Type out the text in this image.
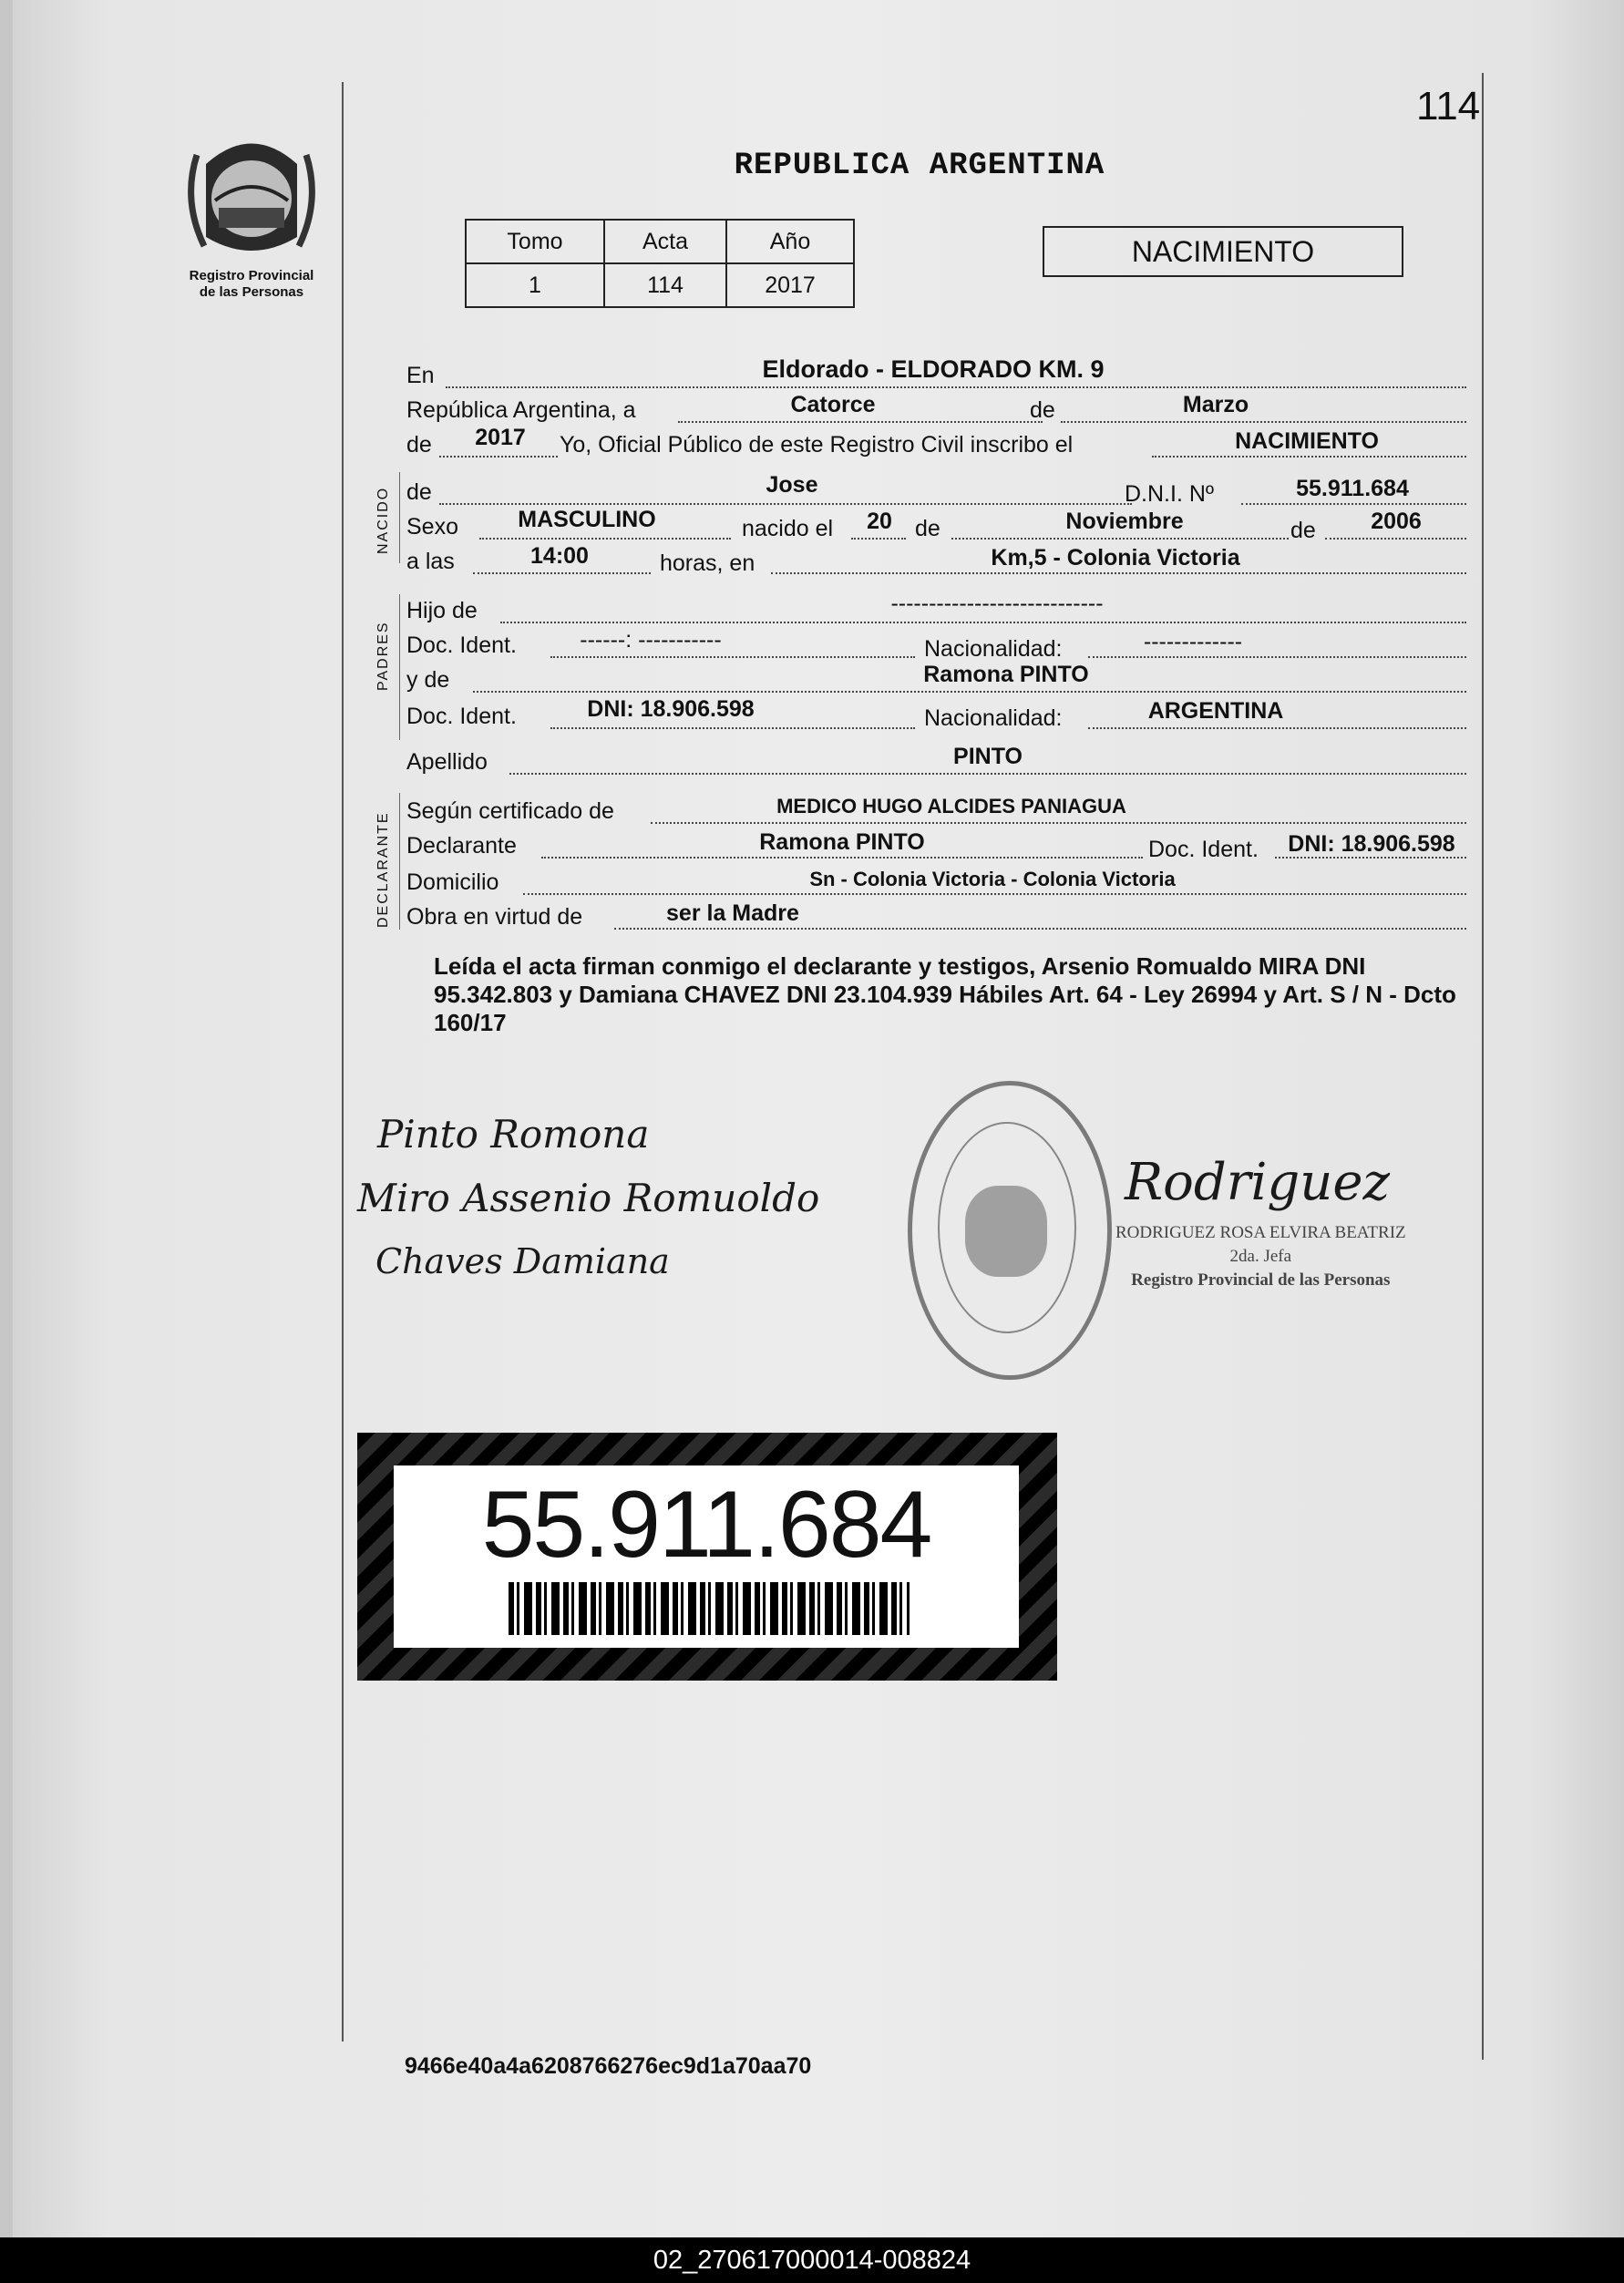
114
Registro Provincial
de las Personas
REPUBLICA ARGENTINA
Tomo	Acta	Año
1	114	2017
NACIMIENTO
En	Eldorado - ELDORADO KM. 9
República Argentina, a	Catorce	de	Marzo
de	2017	Yo, Oficial Público de este Registro Civil inscribo el	NACIMIENTO
NACIDO de	Jose	D.N.I. Nº	55.911.684
Sexo	MASCULINO	nacido el	20	de	Noviembre	de	2006
a las	14:00	horas, en	Km,5 - Colonia Victoria
PADRES
Hijo de	----------------------------
Doc. Ident.	------: -----------	Nacionalidad:	-------------
y de	Ramona PINTO
Doc. Ident.	DNI: 18.906.598	Nacionalidad:	ARGENTINA
Apellido	PINTO
DECLARANTE
Según certificado de	MEDICO HUGO ALCIDES PANIAGUA
Declarante	Ramona PINTO	Doc. Ident.	DNI: 18.906.598
Domicilio	Sn - Colonia Victoria - Colonia Victoria
Obra en virtud de	ser la Madre
Leída el acta firman conmigo el declarante y testigos, Arsenio Romualdo MIRA DNI 95.342.803 y Damiana CHAVEZ DNI 23.104.939 Hábiles Art. 64 - Ley 26994 y Art. S / N - Dcto 160/17
Pinto Romona
Miro Assenio Romuoldo
Chaves Damiana
Rodriguez
RODRIGUEZ ROSA ELVIRA BEATRIZ
2da. Jefa
Registro Provincial de las Personas
55.911.684
9466e40a4a6208766276ec9d1a70aa70
02_270617000014-008824
